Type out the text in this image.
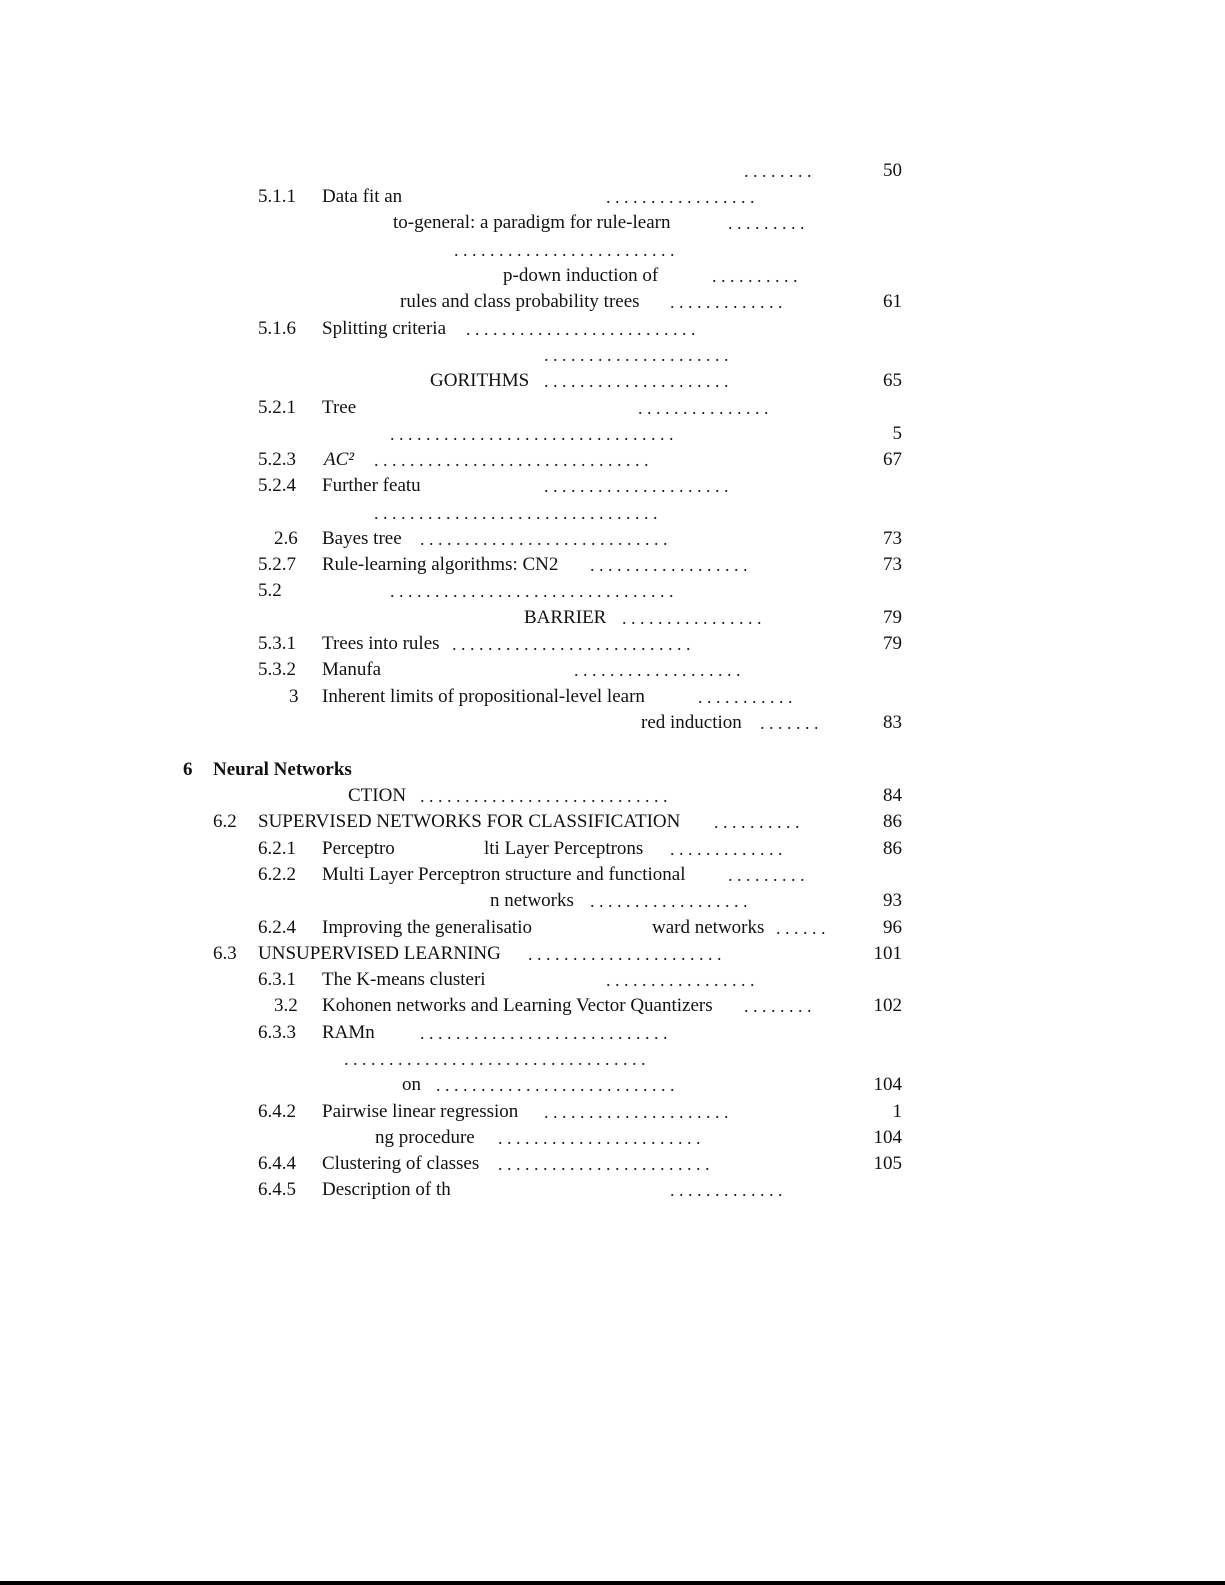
. . . . . . . .	50
5.1.1 Data fit an	. . . . . . . . . . . . . . . . .
to-general: a paradigm for rule-learn	. . . . . . . . .
. . . . . . . . . . . . . . . . . . . . . . . . .
p-down induction of	. . . . . . . . . .
rules and class probability trees . . . . . . . . . . . . .	61
5.1.6 Splitting criteria . . . . . . . . . . . . . . . . . . . . . . . . . .
. . . . . . . . . . . . . . . . . . . . .
GORITHMS . . . . . . . . . . . . . . . . . . . . .	65
5.2.1 Tree	. . . . . . . . . . . . . . .
. . . . . . . . . . . . . . . . . . . . . . . . . . . . . . . .	5
5.2.3 AC² . . . . . . . . . . . . . . . . . . . . . . . . . . . . . . .	67
5.2.4 Further featu	. . . . . . . . . . . . . . . . . . . . .
. . . . . . . . . . . . . . . . . . . . . . . . . . . . . . . .
2.6 Bayes tree . . . . . . . . . . . . . . . . . . . . . . . . . . . .	73
5.2.7 Rule-learning algorithms: CN2 . . . . . . . . . . . . . . . . . .	73
5.2	. . . . . . . . . . . . . . . . . . . . . . . . . . . . . . . .
BARRIER . . . . . . . . . . . . . . . .	79
5.3.1 Trees into rules . . . . . . . . . . . . . . . . . . . . . . . . . . .	79
5.3.2 Manufa	. . . . . . . . . . . . . . . . . . .
3 Inherent limits of propositional-level learn	. . . . . . . . . . .
red induction . . . . . . .	83
6 Neural Networks
CTION . . . . . . . . . . . . . . . . . . . . . . . . . . . .	84
6.2 SUPERVISED NETWORKS FOR CLASSIFICATION . . . . . . . . . .	86
6.2.1 Perceptro	lti Layer Perceptrons . . . . . . . . . . . . .	86
6.2.2 Multi Layer Perceptron structure and functional . . . . . . . . .
n networks . . . . . . . . . . . . . . . . . .	93
6.2.4 Improving the generalisatio	ward networks . . . . . .	96
6.3 UNSUPERVISED LEARNING . . . . . . . . . . . . . . . . . . . . . .	101
6.3.1 The K-means clusteri	. . . . . . . . . . . . . . . . .
3.2 Kohonen networks and Learning Vector Quantizers . . . . . . . .	102
6.3.3 RAMn	. . . . . . . . . . . . . . . . . . . . . . . . . . . .
. . . . . . . . . . . . . . . . . . . . . . . . . . . . . . . . . .
on . . . . . . . . . . . . . . . . . . . . . . . . . . .	104
6.4.2 Pairwise linear regression . . . . . . . . . . . . . . . . . . . . .	1
ng procedure . . . . . . . . . . . . . . . . . . . . . . .	104
6.4.4 Clustering of classes . . . . . . . . . . . . . . . . . . . . . . . .	105
6.4.5 Description of th	. . . . . . . . . . . . .
